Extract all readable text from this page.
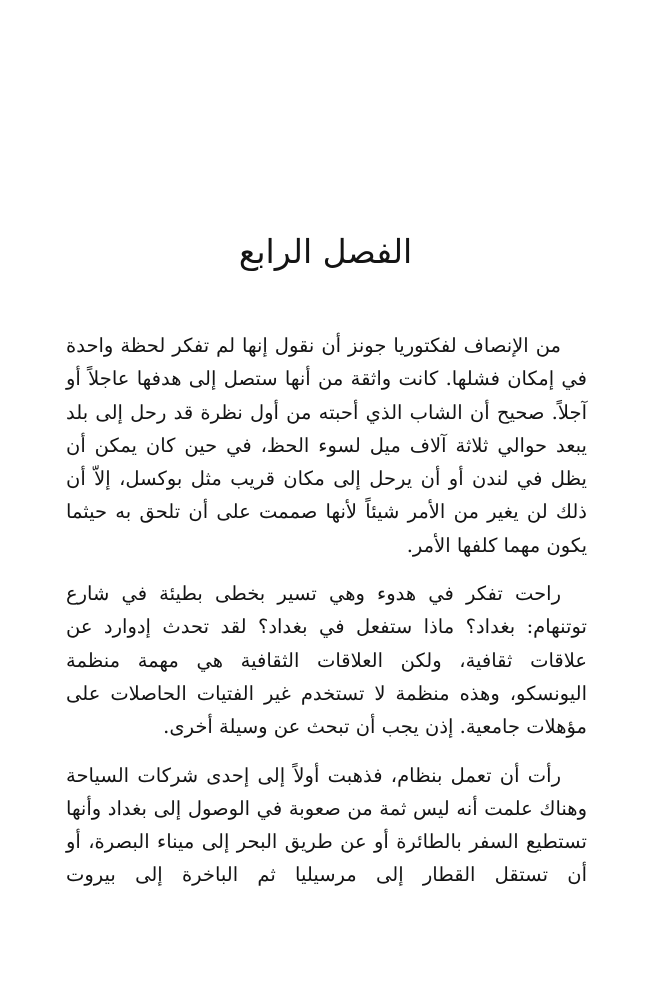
الفصل الرابع

من الإنصاف لفكتوريا جونز أن نقول إنها لم تفكر لحظة واحدة في إمكان فشلها. كانت واثقة من أنها ستصل إلى هدفها عاجلاً أو آجلاً. صحيح أن الشاب الذي أحبته من أول نظرة قد رحل إلى بلد يبعد حوالي ثلاثة آلاف ميل لسوء الحظ، في حين كان يمكن أن يظل في لندن أو أن يرحل إلى مكان قريب مثل بوكسل، إلاّ أن ذلك لن يغير من الأمر شيئاً لأنها صممت على أن تلحق به حيثما يكون مهما كلفها الأمر.

راحت تفكر في هدوء وهي تسير بخطى بطيئة في شارع توتنهام: بغداد؟ ماذا ستفعل في بغداد؟ لقد تحدث إدوارد عن علاقات ثقافية، ولكن العلاقات الثقافية هي مهمة منظمة اليونسكو، وهذه منظمة لا تستخدم غير الفتيات الحاصلات على مؤهلات جامعية. إذن يجب أن تبحث عن وسيلة أخرى.

رأت أن تعمل بنظام، فذهبت أولاً إلى إحدى شركات السياحة وهناك علمت أنه ليس ثمة من صعوبة في الوصول إلى بغداد وأنها تستطيع السفر بالطائرة أو عن طريق البحر إلى ميناء البصرة، أو أن تستقل القطار إلى مرسيليا ثم الباخرة إلى بيروت
